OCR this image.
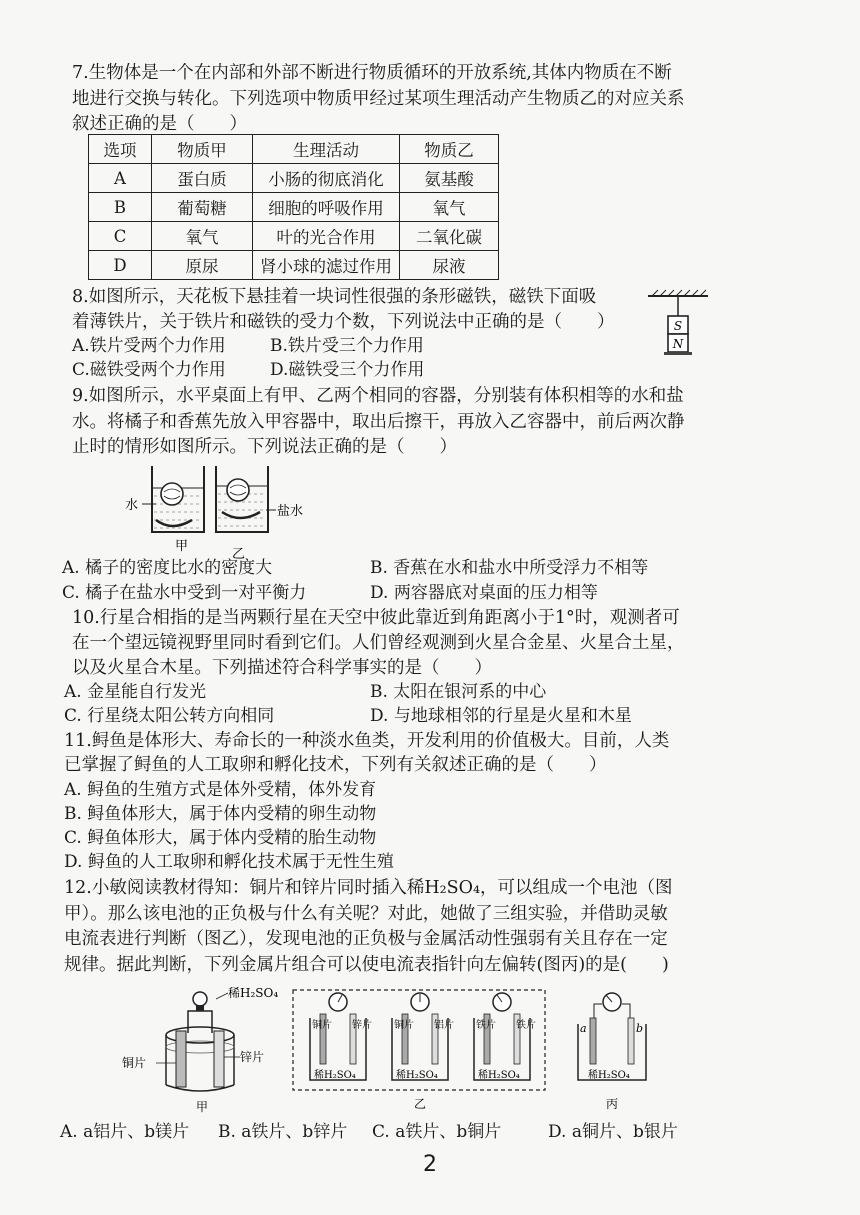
7.生物体是一个在内部和外部不断进行物质循环的开放系统,其体内物质在不断
地进行交换与转化。下列选项中物质甲经过某项生理活动产生物质乙的对应关系
叙述正确的是（　　）
选项	物质甲	生理活动	物质乙
A	蛋白质	小肠的彻底消化	氨基酸
B	葡萄糖	细胞的呼吸作用	氧气
C	氧气	叶的光合作用	二氧化碳
D	原尿	肾小球的滤过作用	尿液
8.如图所示，天花板下悬挂着一块词性很强的条形磁铁，磁铁下面吸
着薄铁片，关于铁片和磁铁的受力个数，下列说法中正确的是（　　）
A.铁片受两个力作用	B.铁片受三个力作用
C.磁铁受两个力作用	D.磁铁受三个力作用
S
N
9.如图所示，水平桌面上有甲、乙两个相同的容器，分别装有体积相等的水和盐
水。将橘子和香蕉先放入甲容器中，取出后擦干，再放入乙容器中，前后两次静
止时的情形如图所示。下列说法正确的是（　　）
水	盐水
甲
乙
A. 橘子的密度比水的密度大	B. 香蕉在水和盐水中所受浮力不相等
C. 橘子在盐水中受到一对平衡力	D. 两容器底对桌面的压力相等
10.行星合相指的是当两颗行星在天空中彼此靠近到角距离小于1°时，观测者可
在一个望远镜视野里同时看到它们。人们曾经观测到火星合金星、火星合土星，
以及火星合木星。下列描述符合科学事实的是（　　）
A. 金星能自行发光	B. 太阳在银河系的中心
C. 行星绕太阳公转方向相同	D. 与地球相邻的行星是火星和木星
11.鲟鱼是体形大、寿命长的一种淡水鱼类，开发利用的价值极大。目前，人类
已掌握了鲟鱼的人工取卵和孵化技术，下列有关叙述正确的是（　　）
A. 鲟鱼的生殖方式是体外受精，体外发育
B. 鲟鱼体形大，属于体内受精的卵生动物
C. 鲟鱼体形大，属于体内受精的胎生动物
D. 鲟鱼的人工取卵和孵化技术属于无性生殖
12.小敏阅读教材得知：铜片和锌片同时插入稀H₂SO₄，可以组成一个电池（图
甲）。那么该电池的正负极与什么有关呢？对此，她做了三组实验，并借助灵敏
电流表进行判断（图乙），发现电池的正负极与金属活动性强弱有关且存在一定
规律。据此判断，下列金属片组合可以使电流表指针向左偏转(图丙)的是(　　)
稀H₂SO₄
铜片	锌片
甲
铜片 锌片
稀H₂SO₄
铜片 铝片
稀H₂SO₄
铁片 铁片
稀H₂SO₄
乙
a	b
稀H₂SO₄
丙
A. a铝片、b镁片 B. a铁片、b锌片 C. a铁片、b铜片	D. a铜片、b银片
2
